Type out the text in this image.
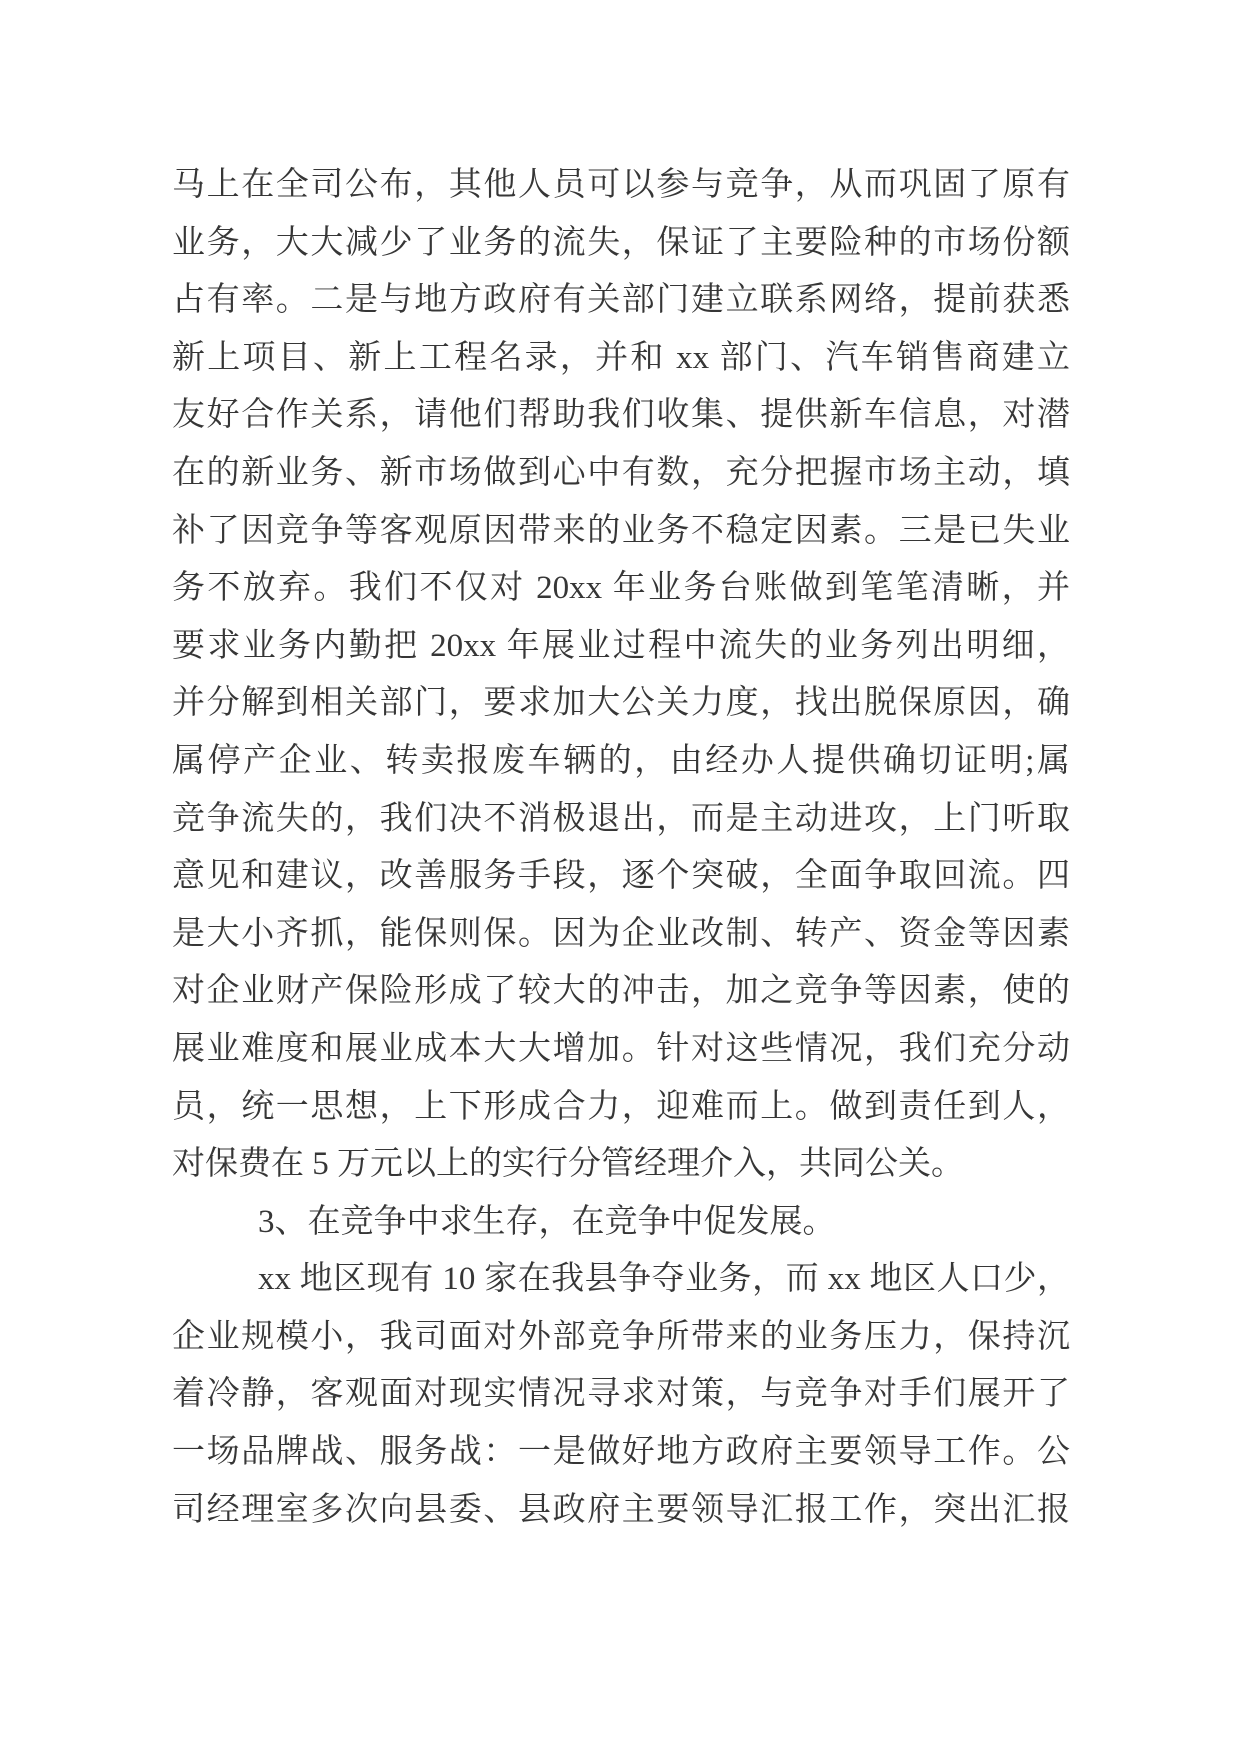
马上在全司公布，其他人员可以参与竞争，从而巩固了原有
业务，大大减少了业务的流失，保证了主要险种的市场份额
占有率。二是与地方政府有关部门建立联系网络，提前获悉
新上项目、新上工程名录，并和 xx 部门、汽车销售商建立
友好合作关系，请他们帮助我们收集、提供新车信息，对潜
在的新业务、新市场做到心中有数，充分把握市场主动，填
补了因竞争等客观原因带来的业务不稳定因素。三是已失业
务不放弃。我们不仅对 20xx 年业务台账做到笔笔清晰，并
要求业务内勤把 20xx 年展业过程中流失的业务列出明细，
并分解到相关部门，要求加大公关力度，找出脱保原因，确
属停产企业、转卖报废车辆的，由经办人提供确切证明;属
竞争流失的，我们决不消极退出，而是主动进攻，上门听取
意见和建议，改善服务手段，逐个突破，全面争取回流。四
是大小齐抓，能保则保。因为企业改制、转产、资金等因素
对企业财产保险形成了较大的冲击，加之竞争等因素，使的
展业难度和展业成本大大增加。针对这些情况，我们充分动
员，统一思想，上下形成合力，迎难而上。做到责任到人，
对保费在 5 万元以上的实行分管经理介入，共同公关。
3、在竞争中求生存，在竞争中促发展。
xx 地区现有 10 家在我县争夺业务，而 xx 地区人口少，
企业规模小，我司面对外部竞争所带来的业务压力，保持沉
着冷静，客观面对现实情况寻求对策，与竞争对手们展开了
一场品牌战、服务战：一是做好地方政府主要领导工作。公
司经理室多次向县委、县政府主要领导汇报工作，突出汇报
